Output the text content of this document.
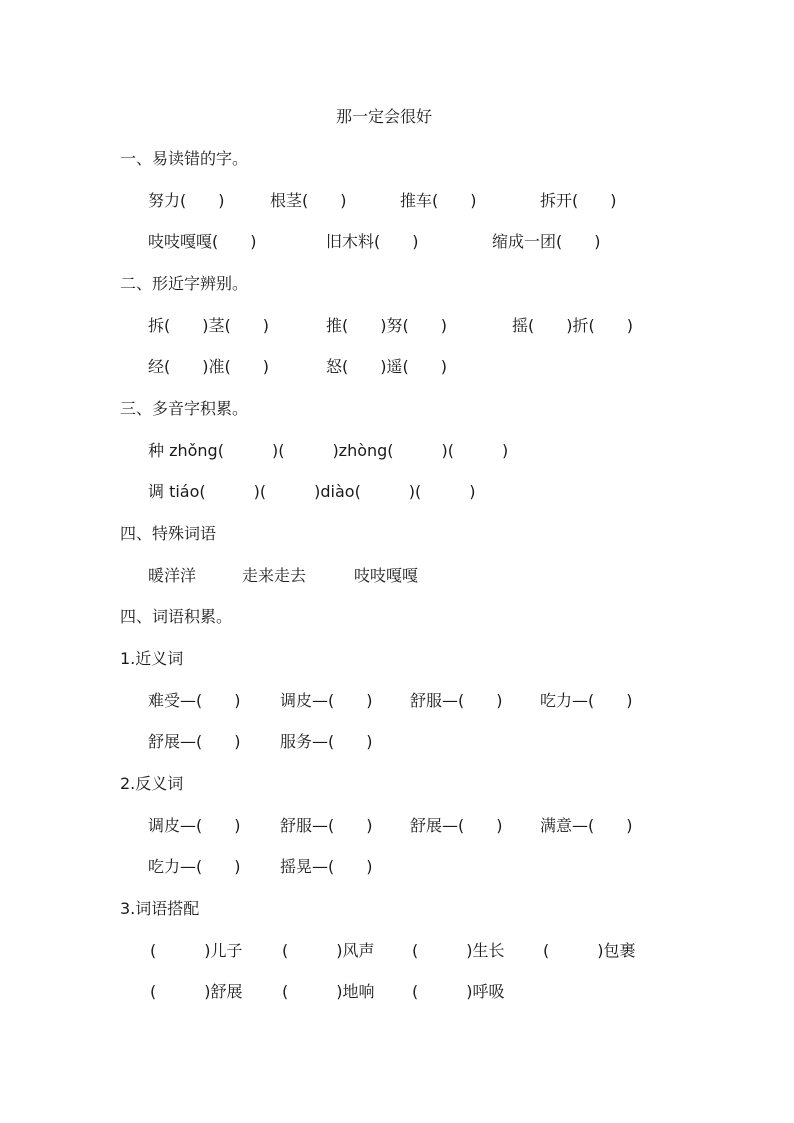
那一定会很好
一、易读错的字。
努力(　　)	根茎(　　)	推车(　　)	拆开(　　)
吱吱嘎嘎(　　)	旧木料(　　)	缩成一团(　　)
二、形近字辨别。
拆(　　)茎(　　)	推(　　)努(　　)	摇(　　)折(　　)
经(　　)准(　　)	怒(　　)遥(　　)
三、多音字积累。
种 zhǒng(　　　)(　　　)zhòng(　　　)(　　　)
调 tiáo(　　　)(　　　)diào(　　　)(　　　)
四、特殊词语
暖洋洋	走来走去	吱吱嘎嘎
四、词语积累。
1.近义词
难受—(　　) 调皮—(　　) 舒服—(　　) 吃力—(　　)
舒展—(　　) 服务—(　　)
2.反义词
调皮—(　　) 舒服—(　　) 舒展—(　　) 满意—(　　)
吃力—(　　) 摇晃—(　　)
3.词语搭配
(　　　)儿子 (　　　)风声 (　　　)生长 (　　　)包裹
(　　　)舒展 (　　　)地响 (　　　)呼吸
